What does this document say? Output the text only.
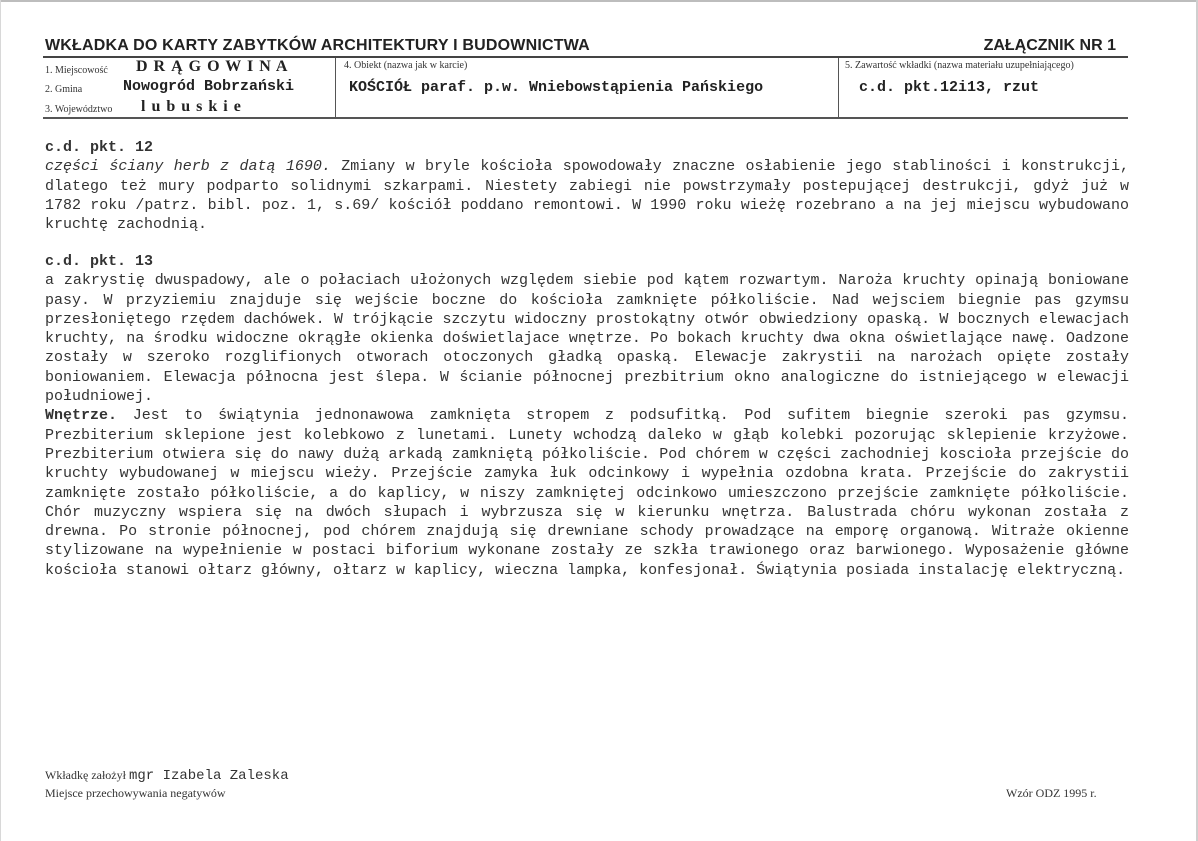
WKŁADKA DO KARTY ZABYTKÓW ARCHITEKTURY I BUDOWNICTWA	ZAŁĄCZNIK NR 1
1. Miejscowość D R Ą G O W I N A
2. Gmina	Nowogród Bobrzański
3. Województwo l u b u s k i e
4. Obiekt (nazwa jak w karcie)
KOŚCIÓŁ paraf. p.w. Wniebowstąpienia Pańskiego
5. Zawartość wkładki (nazwa materiału uzupełniającego)
c.d. pkt.12i13, rzut
c.d. pkt. 12
części ściany herb z datą 1690. Zmiany w bryle kościoła spowodowały znaczne osłabienie jego stabliności i konstrukcji, dlatego też mury podparto solidnymi szkarpami. Niestety zabiegi nie powstrzymały postepującej destrukcji, gdyż już w 1782 roku /patrz. bibl. poz. 1, s.69/ kościół poddano remontowi. W 1990 roku wieżę rozebrano a na jej miejscu wybudowano kruchtę zachodnią.
c.d. pkt. 13
a zakrystię dwuspadowy, ale o połaciach ułożonych względem siebie pod kątem rozwartym. Naroża kruchty opinają boniowane pasy. W przyziemiu znajduje się wejście boczne do kościoła zamknięte półkoliście. Nad wejsciem biegnie pas gzymsu przesłoniętego rzędem dachówek. W trójkącie szczytu widoczny prostokątny otwór obwiedziony opaską. W bocznych elewacjach kruchty, na środku widoczne okrągłe okienka doświetlajace wnętrze. Po bokach kruchty dwa okna oświetlające nawę. Oadzone zostały w szeroko rozglifionych otworach otoczonych gładką opaską. Elewacje zakrystii na narożach opięte zostały boniowaniem. Elewacja północna jest ślepa. W ścianie północnej prezbitrium okno analogiczne do istniejącego w elewacji południowej.
Wnętrze. Jest to świątynia jednonawowa zamknięta stropem z podsufitką. Pod sufitem biegnie szeroki pas gzymsu. Prezbiterium sklepione jest kolebkowo z lunetami. Lunety wchodzą daleko w głąb kolebki pozorując sklepienie krzyżowe. Prezbiterium otwiera się do nawy dużą arkadą zamkniętą półkoliście. Pod chórem w części zachodniej koscioła przejście do kruchty wybudowanej w miejscu wieży. Przejście zamyka łuk odcinkowy i wypełnia ozdobna krata. Przejście do zakrystii zamknięte zostało półkoliście, a do kaplicy, w niszy zamkniętej odcinkowo umieszczono przejście zamknięte półkoliście. Chór muzyczny wspiera się na dwóch słupach i wybrzusza się w kierunku wnętrza. Balustrada chóru wykonan została z drewna. Po stronie północnej, pod chórem znajdują się drewniane schody prowadzące na emporę organową. Witraże okienne stylizowane na wypełnienie w postaci biforium wykonane zostały ze szkła trawionego oraz barwionego. Wyposażenie główne kościoła stanowi ołtarz główny, ołtarz w kaplicy, wieczna lampka, konfesjonał. Świątynia posiada instalację elektryczną.
Wkładkę założył mgr Izabela Zaleska
Miejsce przechowywania negatywów	Wzór ODZ 1995 r.
